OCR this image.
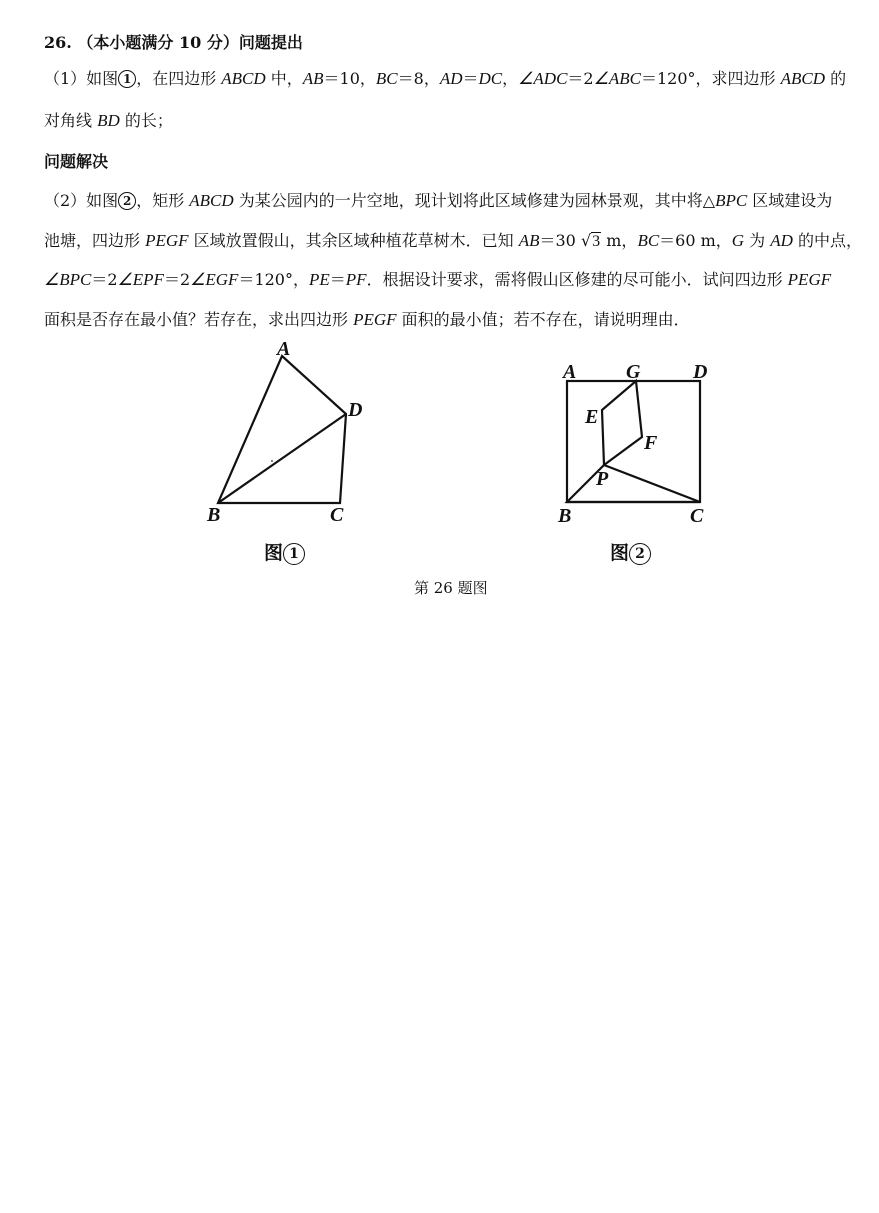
26. （本小题满分 10 分）问题提出
（1）如图 1 ，在四边形 ABCD 中，AB＝10，BC＝8，AD＝DC，∠ADC＝2∠ABC＝120°，求四边形 ABCD 的
对角线 BD 的长；
问题解决
（2）如图 2 ，矩形 ABCD 为某公园内的一片空地，现计划将此区域修建为园林景观，其中将△BPC 区域建设为
池塘，四边形 PEGF 区域放置假山，其余区域种植花草树木．已知 AB＝30 √3 m，BC＝60 m，G 为 AD 的中点，
∠BPC＝2∠EPF＝2∠EGF＝120°，PE＝PF．根据设计要求，需将假山区修建的尽可能小．试问四边形 PEGF
面积是否存在最小值？若存在，求出四边形 PEGF 面积的最小值；若不存在，请说明理由．
A
D
B	C
图 1
A G	D
E
F
P
B	C
图 2
第 26 题图
